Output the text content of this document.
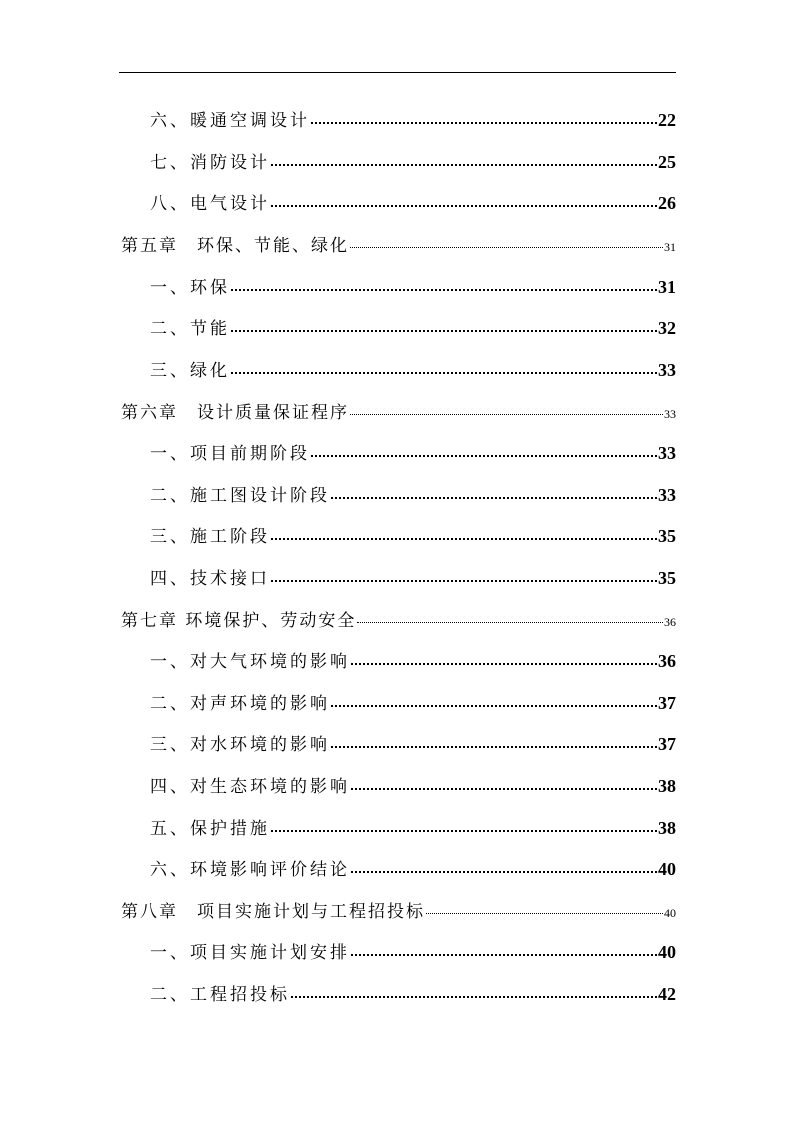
六、暖通空调设计	22
七、消防设计	25
八、电气设计	26
第五章　环保、节能、绿化	31
一、环保	31
二、节能	32
三、绿化	33
第六章　设计质量保证程序	33
一、项目前期阶段	33
二、施工图设计阶段	33
三、施工阶段	35
四、技术接口	35
第七章 环境保护、劳动安全	36
一、对大气环境的影响	36
二、对声环境的影响	37
三、对水环境的影响	37
四、对生态环境的影响	38
五、保护措施	38
六、环境影响评价结论	40
第八章　项目实施计划与工程招投标	40
一、项目实施计划安排	40
二、工程招投标	42
